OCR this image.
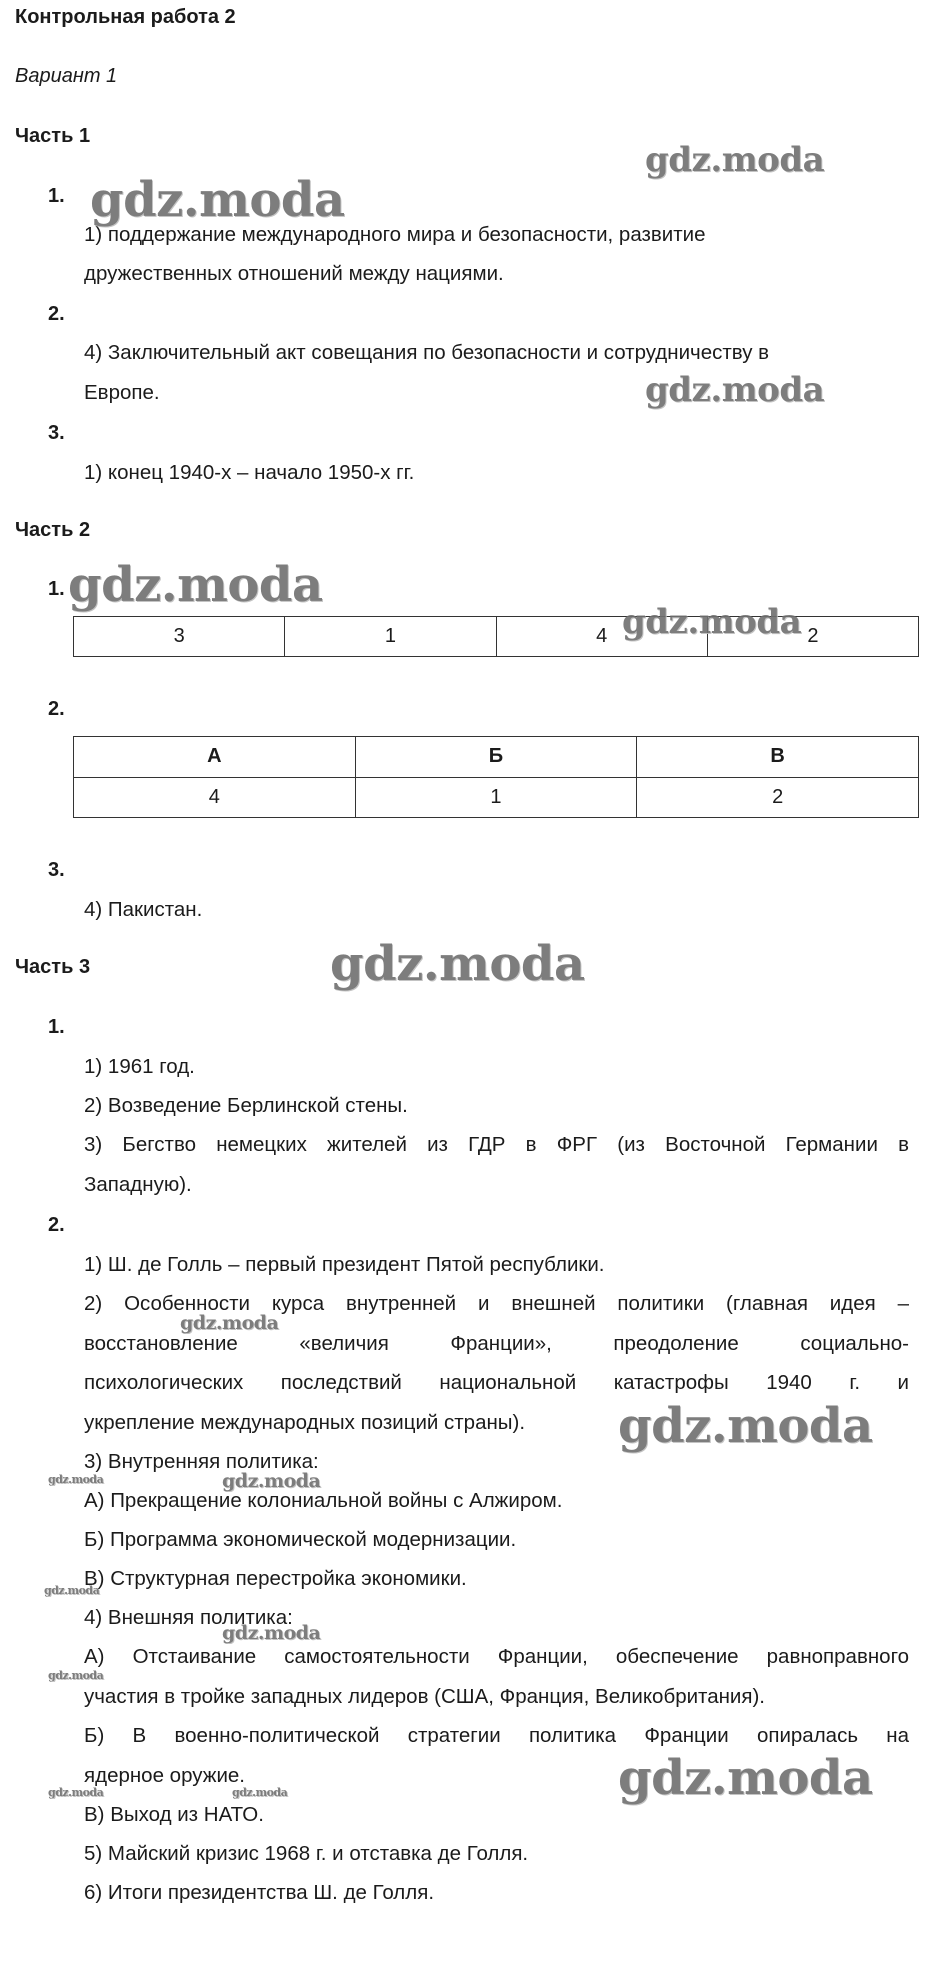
Контрольная работа 2
Вариант 1
Часть 1
1.
1) поддержание международного мира и безопасности, развитие
дружественных отношений между нациями.
2.
4) Заключительный акт совещания по безопасности и сотрудничеству в
Европе.
3.
1) конец 1940-х – начало 1950-х гг.
Часть 2
1.
3	1	4	2
2.
А	Б	В
4	1	2
3.
4) Пакистан.
Часть 3
1.
1) 1961 год.
2) Возведение Берлинской стены.
3) Бегство немецких жителей из ГДР в ФРГ (из Восточной Германии в
Западную).
2.
1) Ш. де Голль – первый президент Пятой республики.
2) Особенности курса внутренней и внешней политики (главная идея –
восстановление «величия Франции», преодоление социально-
психологических последствий национальной катастрофы 1940 г. и
укрепление международных позиций страны).
3) Внутренняя политика:
А) Прекращение колониальной войны с Алжиром.
Б) Программа экономической модернизации.
В) Структурная перестройка экономики.
4) Внешняя политика:
А) Отстаивание самостоятельности Франции, обеспечение равноправного
участия в тройке западных лидеров (США, Франция, Великобритания).
Б) В военно-политической стратегии политика Франции опиралась на
ядерное оружие.
В) Выход из НАТО.
5) Майский кризис 1968 г. и отставка де Голля.
6) Итоги президентства Ш. де Голля.
gdz.moda
gdz.moda
gdz.moda
gdz.moda
gdz.moda
gdz.moda
gdz.moda
gdz.moda
gdz.moda	gdz.moda
gdz.moda
gdz.moda
gdz.moda
gdz.moda
gdz.moda	gdz.moda
